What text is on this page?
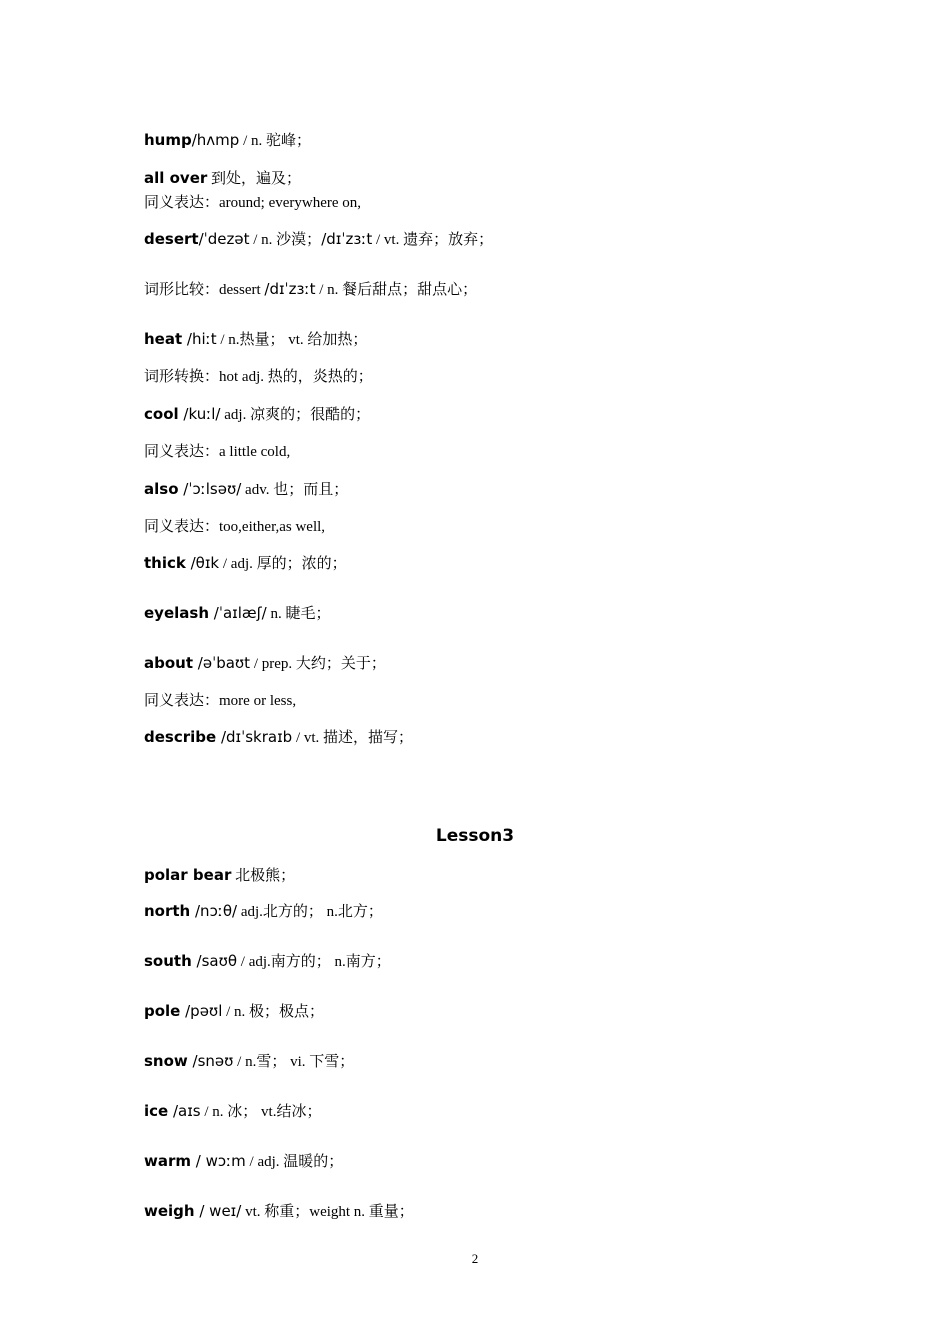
hump/hʌmp / n. 驼峰；
all over 到处，遍及；
同义表达：around; everywhere on,
desert/ˈdezət / n. 沙漠；/dɪˈzɜːt / vt. 遗弃；放弃；
词形比较：dessert /dɪˈzɜːt / n. 餐后甜点；甜点心；
heat /hiːt / n.热量； vt. 给加热；
词形转换：hot adj. 热的，炎热的；
cool /kuːl/ adj. 凉爽的；很酷的；
同义表达：a little cold,
also /ˈɔːlsəʊ/ adv. 也；而且；
同义表达：too,either,as well,
thick /θɪk / adj. 厚的；浓的；
eyelash /ˈaɪlæʃ/ n. 睫毛；
about /əˈbaʊt / prep. 大约；关于；
同义表达：more or less,
describe /dɪˈskraɪb / vt. 描述，描写；
Lesson3
polar bear 北极熊；
north /nɔːθ/ adj.北方的； n.北方；
south /saʊθ / adj.南方的； n.南方；
pole /pəʊl / n. 极；极点；
snow /snəʊ / n.雪； vi. 下雪；
ice /aɪs / n. 冰； vt.结冰；
warm / wɔːm / adj. 温暖的；
weigh / weɪ/ vt. 称重；weight n. 重量；
2
